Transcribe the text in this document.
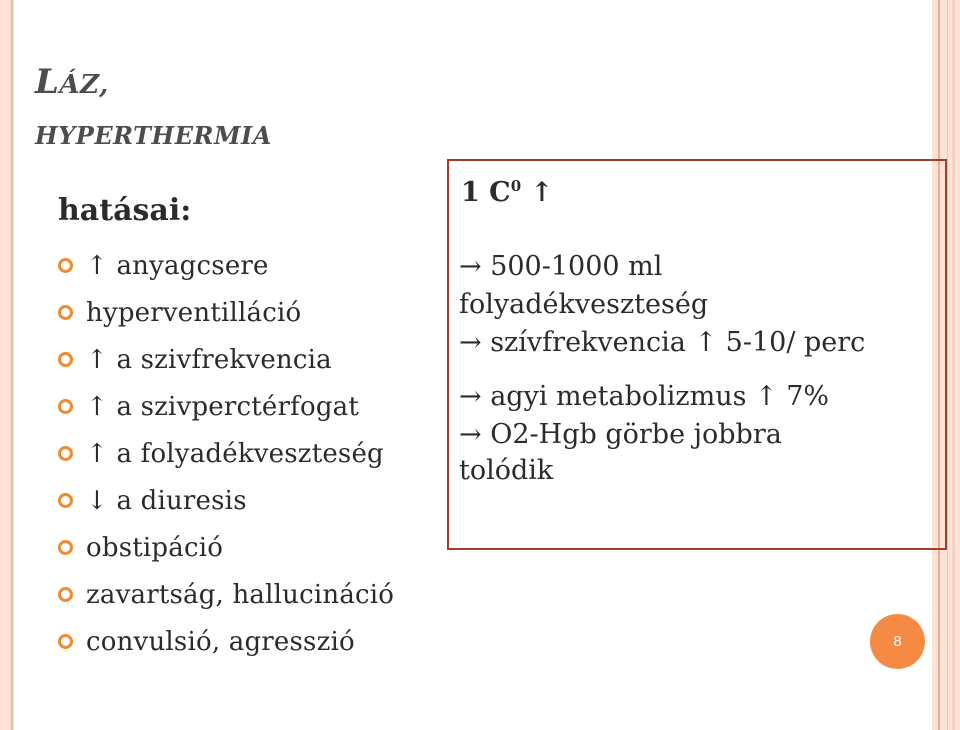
LÁZ,
HYPERTHERMIA
hatásai:
↑ anyagcsere
hyperventilláció
↑ a szivfrekvencia
↑ a szivperctérfogat
↑ a folyadékveszteség
↓ a diuresis
obstipáció
zavartság, hallucináció
convulsió, agresszió
1 $C^0$ ↑

→ 500-1000 ml

folyadékveszteség

→ szívfrekvencia ↑ 5-10/ perc

→ agyi metabolizmus ↑ 7%

→ O2-Hgb görbe jobbra

tolódik

8
